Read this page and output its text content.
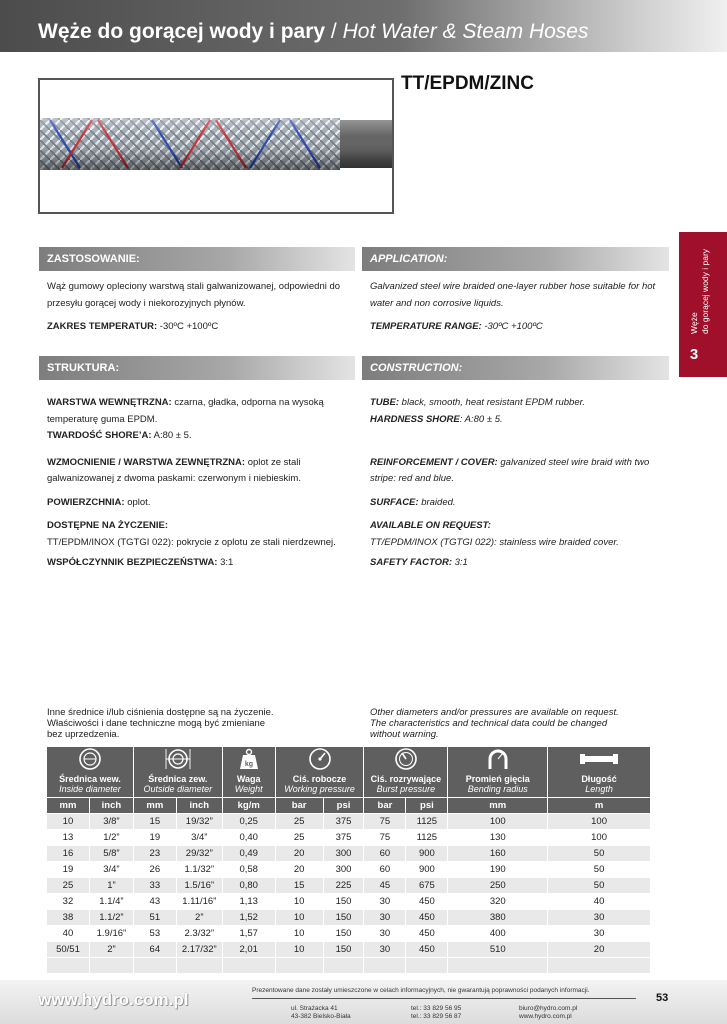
Węże do gorącej wody i pary / Hot Water & Steam Hoses
TT/EPDM/ZINC
Węże do gorącej wody i pary
3
ZASTOSOWANIE:	APPLICATION:
Wąż gumowy opleciony warstwą stali galwanizowanej, odpowiedni do
przesyłu gorącej wody i niekorozyjnych płynów.
ZAKRES TEMPERATUR: -30ºC +100ºC
Galvanized steel wire braided one-layer rubber hose suitable for hot
water and non corrosive liquids.
TEMPERATURE RANGE: -30ºC +100ºC
STRUKTURA:	CONSTRUCTION:
WARSTWA WEWNĘTRZNA: czarna, gładka, odporna na wysoką
temperaturę guma EPDM.
TWARDOŚĆ SHORE’A: A:80 ± 5.
WZMOCNIENIE / WARSTWA ZEWNĘTRZNA: oplot ze stali
galwanizowanej z dwoma paskami: czerwonym i niebieskim.
POWIERZCHNIA: oplot.
DOSTĘPNE NA ŻYCZENIE:
TT/EPDM/INOX (TGTGI 022): pokrycie z oplotu ze stali nierdzewnej.
WSPÓŁCZYNNIK BEZPIECZEŃSTWA: 3:1
TUBE: black, smooth, heat resistant EPDM rubber.
HARDNESS SHORE: A:80 ± 5.
REINFORCEMENT / COVER: galvanized steel wire braid with two
stripe: red and blue.
SURFACE: braided.
AVAILABLE ON REQUEST:
TT/EPDM/INOX (TGTGI 022): stainless wire braided cover.
SAFETY FACTOR: 3:1
Inne średnice i/lub ciśnienia dostępne są na życzenie.
Właściwości i dane techniczne mogą być zmieniane
bez uprzedzenia.
Other diameters and/or pressures are available on request.
The characteristics and technical data could be changed
without warning.
Średnica wew.
Inside diameter		Średnica zew.
Outside diameter		kg
Waga
Weight	Ciś. robocze
Working pressure		Ciś. rozrywające
Burst pressure		Promień gięcia
Bending radius	Długość
Length

mm	inch	mm	inch	kg/m	bar	psi	bar	psi	mm	m
10	3/8”	15	19/32”	0,25	25	375	75	1125	100	100
13	1/2”	19	3/4”	0,40	25	375	75	1125	130	100
16	5/8”	23	29/32”	0,49	20	300	60	900	160	50
19	3/4”	26	1.1/32”	0,58	20	300	60	900	190	50
25	1”	33	1.5/16”	0,80	15	225	45	675	250	50
32	1.1/4”	43	1.11/16”	1,13	10	150	30	450	320	40
38	1.1/2”	51	2”	1,52	10	150	30	450	380	30
40	1.9/16”	53	2.3/32”	1,57	10	150	30	450	400	30
50/51	2”	64	2.17/32”	2,01	10	150	30	450	510	20

www.hydro.com.pl	Prezentowane dane zostały umieszczone w celach informacyjnych, nie gwarantują poprawności podanych informacji.
ul. Strażacka 41
43-382 Bielsko-Biała
tel.: 33 829 56 95
tel.: 33 829 56 87
biuro@hydro.com.pl
www.hydro.com.pl
53
